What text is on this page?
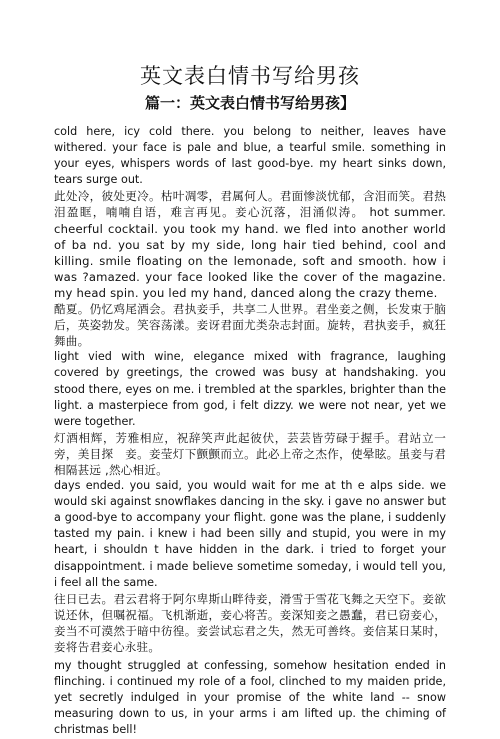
英文表白情书写给男孩
篇一：英文表白情书写给男孩】

cold here, icy cold there. you belong to neither, leaves have withered. your face is pale and blue, a tearful smile. something in your eyes, whispers words of last good-bye. my heart sinks down, tears surge out.

此处冷，彼处更冷。枯叶凋零，君属何人。君面惨淡忧郁，含泪而笑。君热泪盈眶，喃喃自语，难言再见。妾心沉落，泪涌似涛。 hot summer. cheerful cocktail. you took my hand. we fled into another world of ba nd. you sat by my side, long hair tied behind, cool and killing. smile floating on the lemonade, soft and smooth. how i was ?amazed. your face looked like the cover of the magazine. my head spin. you led my hand, danced along the crazy theme.

酷夏。仍忆鸡尾酒会。君执妾手，共享二人世界。君坐妾之侧，长发束于脑后，英姿勃发。笑容荡漾。妾讶君面尤类杂志封面。旋转，君执妾手，疯狂舞曲。

light vied with wine, elegance mixed with fragrance, laughing covered by greetings, the crowed was busy at handshaking. you stood there, eyes on me. i trembled at the sparkles, brighter than the light. a masterpiece from god, i felt dizzy. we were not near, yet we were together.

灯酒相辉，芳雅相应，祝辞笑声此起彼伏，芸芸皆劳碌于握手。君站立一旁，美目探　妾。妾莹灯下颤颤而立。此必上帝之杰作，使晕眩。虽妾与君相隔甚远 ,然心相近。

days ended. you said, you would wait for me at th e alps side. we would ski against snowflakes dancing in the sky. i gave no answer but a good-bye to accompany your flight. gone was the plane, i suddenly tasted my pain. i knew i had been silly and stupid, you were in my heart, i shouldn t have hidden in the dark. i tried to forget your disappointment. i made believe sometime someday, i would tell you, i feel all the same.

往日已去。君云君将于阿尔卑斯山畔待妾，滑雪于雪花飞舞之天空下。妾欲说还休，但嘱祝福。飞机渐逝，妾心将苦。妾深知妾之愚蠢，君已窃妾心，妾当不可漠然于暗中彷徨。妾尝试忘君之失，然无可善终。妾信某日某时，妾将告君妾心永驻。

my thought struggled at confessing, somehow hesitation ended in flinching. i continued my role of a fool, clinched to my maiden pride, yet secretly indulged in your promise of the white land -- snow measuring down to us, in your arms i am lifted up. the chiming of christmas bell!
